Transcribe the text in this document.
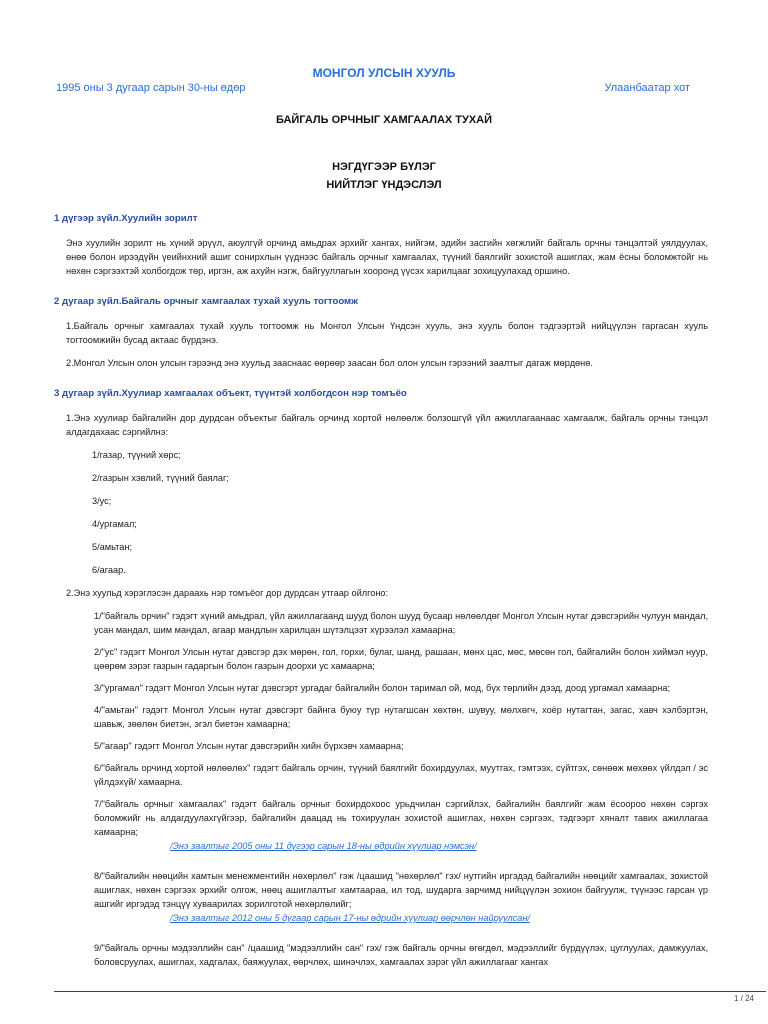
МОНГОЛ УЛСЫН ХУУЛЬ
1995 оны 3 дугаар сарын 30-ны өдөр	Улаанбаатар хот
БАЙГАЛЬ ОРЧНЫГ ХАМГААЛАХ ТУХАЙ
НЭГДҮГЭЭР БҮЛЭГ
НИЙТЛЭГ ҮНДЭСЛЭЛ
1 дүгээр зүйл.Хуулийн зорилт
Энэ хуулийн зорилт нь хүний эрүүл, аюулгүй орчинд амьдрах эрхийг хангах, нийгэм, эдийн засгийн хөгжлийг байгаль орчны тэнцэлтэй уялдуулах, өнөө болон ирээдүйн үеийнхний ашиг сонирхлын үүднээс байгаль орчныг хамгаалах, түүний баялгийг зохистой ашиглах, жам ёсны боломжтойг нь нөхөн сэргээхтэй холбогдож төр, иргэн, аж ахуйн нэгж, байгууллагын хооронд үүсэх харилцааг зохицуулахад оршино.
2 дугаар зүйл.Байгаль орчныг хамгаалах тухай хууль тогтоомж
1.Байгаль орчныг хамгаалах тухай хууль тогтоомж нь Монгол Улсын Үндсэн хууль, энэ хууль болон тэдгээртэй нийцүүлэн гаргасан хууль тогтоомжийн бусад актаас бүрдэнэ.
2.Монгол Улсын олон улсын гэрээнд энэ хуульд зааснаас өөрөөр заасан бол олон улсын гэрээний заалтыг дагаж мөрдөнө.
3 дугаар зүйл.Хуулиар хамгаалах объект, түүнтэй холбогдсон нэр томъёо
1.Энэ хуулиар байгалийн дор дурдсан объектыг байгаль орчинд хортой нөлөөлж болзошгүй үйл ажиллагаанаас хамгаалж, байгаль орчны тэнцэл алдагдахаас сэргийлнэ:
1/газар, түүний хөрс;
2/газрын хэвлий, түүний баялаг;
3/ус;
4/ургамал;
5/амьтан;
6/агаар.
2.Энэ хуульд хэрэглэсэн дараахь нэр томъёог дор дурдсан утгаар ойлгоно:
1/"байгаль орчин" гэдэгт хүний амьдрал, үйл ажиллагаанд шууд болон шууд бусаар нөлөөлдөг Монгол Улсын нутаг дэвсгэрийн чулуун мандал, усан мандал, шим мандал, агаар мандлын харилцан шүтэлцээт хүрээлэл хамаарна;
2/"ус" гэдэгт Монгол Улсын нутаг дэвсгэр дэх мөрөн, гол, горхи, булаг, шанд, рашаан, мөнх цас, мөс, мөсөн гол, байгалийн болон хиймэл нуур, цөөрөм зэрэг газрын гадаргын болон газрын доорхи ус хамаарна;
3/"ургамал" гэдэгт Монгол Улсын нутаг дэвсгэрт ургадаг байгалийн болон таримал ой, мод, бүх төрлийн дээд, доод ургамал хамаарна;
4/"амьтан" гэдэгт Монгол Улсын нутаг дэвсгэрт байнга буюу түр нутагшсан хөхтөн, шувуу, мөлхөгч, хоёр нутагтан, загас, хавч хэлбэртэн, шавьж, зөөлөн биетэн, эгэл биетэн хамаарна;
5/"агаар" гэдэгт Монгол Улсын нутаг дэвсгэрийн хийн бүрхэвч хамаарна;
6/"байгаль орчинд хортой нөлөөлөх" гэдэгт байгаль орчин, түүний баялгийг бохирдуулах, муутгах, гэмтээх, сүйтгэх, сөнөөж мөхөөх үйлдэл / эс үйлдэхүй/ хамаарна.
7/"байгаль орчныг хамгаалах" гэдэгт байгаль орчныг бохирдохоос урьдчилан сэргийлэх, байгалийн баялгийг жам ёсоороо нөхөн сэргэх боломжийг нь алдагдуулахгүйгээр, байгалийн даацад нь тохируулан зохистой ашиглах, нөхөн сэргээх, тэдгээрт хяналт тавих ажиллагаа хамаарна;
/Энэ заалтыг 2005 оны 11 дүгээр сарын 18-ны өдрийн хуулиар нэмсэн/
8/"байгалийн нөөцийн хамтын менежментийн нөхөрлөл" гэж /цаашид "нөхөрлөл" гэх/ нутгийн иргэдэд байгалийн нөөцийг хамгаалах, зохистой ашиглах, нөхөн сэргээх эрхийг олгож, нөөц ашиглалтыг хамтаараа, ил тод, шударга зарчимд нийцүүлэн зохион байгуулж, түүнээс гарсан үр ашгийг иргэдэд тэнцүү хуваарилах зорилготой нөхөрлөлийг;
/Энэ заалтыг 2012 оны 5 дугаар сарын 17-ны өдрийн хуулиар өөрчлөн найруулсан/
9/"байгаль орчны мэдээллийн сан" /цаашид "мэдээллийн сан" гэх/ гэж байгаль орчны өгөгдөл, мэдээллийг бүрдүүлэх, цуглуулах, дамжуулах, боловсруулах, ашиглах, хадгалах, баяжуулах, өөрчлөх, шинэчлэх, хамгаалах зэрэг үйл ажиллагааг хангах
1 / 24
